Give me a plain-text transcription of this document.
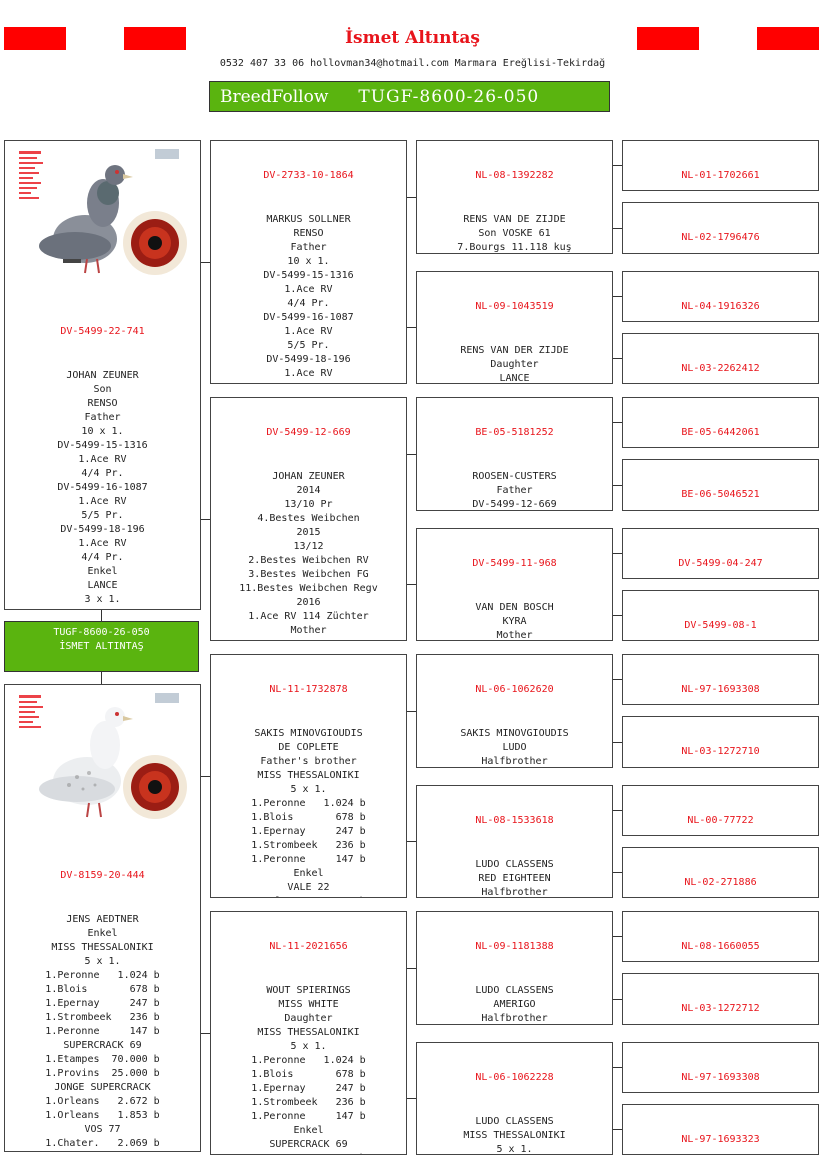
İsmet Altıntaş
0532 407 33 06 hollovman34@hotmail.com Marmara Ereğlisi-Tekirdağ
BreedFollow TUGF-8600-26-050

DV-5499-22-741

JOHAN ZEUNER
Son
RENSO
Father
10 x 1.
DV-5499-15-1316
1.Ace RV
4/4 Pr.
DV-5499-16-1087
1.Ace RV
5/5 Pr.
DV-5499-18-196
1.Ace RV
4/4 Pr.
Enkel
LANCE
3 x 1.

TUGF-8600-26-050
İSMET ALTINTAŞ

DV-8159-20-444

JENS AEDTNER
Enkel
MISS THESSALONIKI
5 x 1.
1.Peronne   1.024 b
1.Blois       678 b
1.Epernay     247 b
1.Strombeek   236 b
1.Peronne     147 b
SUPERCRACK 69
1.Etampes  70.000 b
1.Provins  25.000 b
JONGE SUPERCRACK
1.Orleans   2.672 b
1.Orleans   1.853 b
VOS 77
1.Chater.   2.069 b

DV-2733-10-1864

MARKUS SOLLNER
RENSO
Father
10 x 1.
DV-5499-15-1316
1.Ace RV
4/4 Pr.
DV-5499-16-1087
1.Ace RV
5/5 Pr.
DV-5499-18-196
1.Ace RV

DV-5499-12-669

JOHAN ZEUNER
2014
13/10 Pr
4.Bestes Weibchen
2015
13/12
2.Bestes Weibchen RV
3.Bestes Weibchen FG
11.Bestes Weibchen Regv
2016
1.Ace RV 114 Züchter
Mother

NL-11-1732878

SAKIS MINOVGIOUDIS
DE COPLETE
Father's brother
MISS THESSALONIKI
5 x 1.
1.Peronne   1.024 b
1.Blois       678 b
1.Epernay     247 b
1.Strombeek   236 b
1.Peronne     147 b
Enkel
VALE 22

NL-11-2021656

WOUT SPIERINGS
MISS WHITE
Daughter
MISS THESSALONIKI
5 x 1.
1.Peronne   1.024 b
1.Blois       678 b
1.Epernay     247 b
1.Strombeek   236 b
1.Peronne     147 b
Enkel
SUPERCRACK 69

NL-08-1392282

RENS VAN DE ZIJDE
Son VOSKE 61
7.Bourgs 11.118 kuş

NL-09-1043519

RENS VAN DER ZIJDE
Daughter
LANCE

BE-05-5181252

ROOSEN-CUSTERS
Father
DV-5499-12-669

DV-5499-11-968

VAN DEN BOSCH
KYRA
Mother

NL-06-1062620

SAKIS MINOVGIOUDIS
LUDO
Halfbrother

NL-08-1533618

LUDO CLASSENS
RED EIGHTEEN
Halfbrother

NL-09-1181388

LUDO CLASSENS
AMERIGO
Halfbrother

NL-06-1062228

LUDO CLASSENS
MISS THESSALONIKI
5 x 1.

NL-01-1702661

NL-02-1796476

NL-04-1916326

NL-03-2262412

BE-05-6442061

BE-06-5046521

DV-5499-04-247

DV-5499-08-1

NL-97-1693308

NL-03-1272710

NL-00-77722

NL-02-271886

NL-08-1660055

NL-03-1272712

NL-97-1693308

NL-97-1693323
